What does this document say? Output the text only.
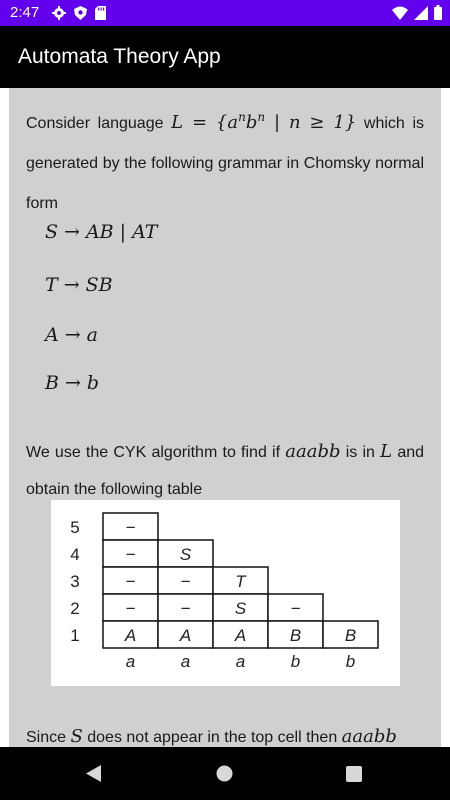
2:47
Automata Theory App
Consider language $L = \{a^nb^n$ | n ≥ 1} which is generated by the following grammar in Chomsky normal form
S → AB | AT
T → SB
A → a
B → b
We use the CYK algorithm to find if aaabb is in L and obtain the following table
5	−
4	−	S
3	−	−	T
2	−	−	S	−
1	A	A	A	B	B
a	a	a	b	b
Since S does not appear in the top cell then aaabb
